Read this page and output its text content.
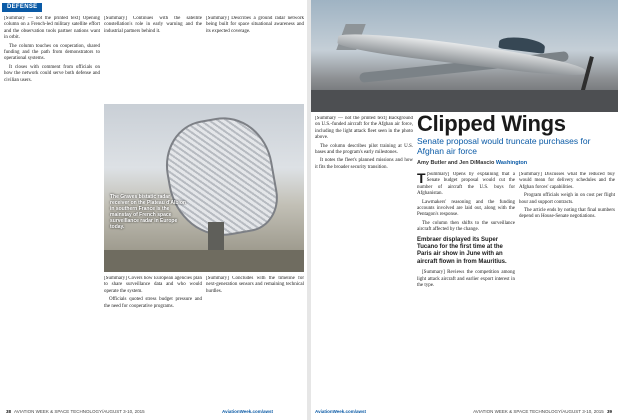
DEFENSE

[Summary — not the printed text] Opening column on a French-led military satellite effort and the observation tools partner nations want in orbit.

The column touches on cooperation, shared funding and the path from demonstrators to operational systems.

It closes with comment from officials on how the network could serve both defense and civilian users.

[Summary] Continues with the satellite constellation's role in early warning and the industrial partners behind it.

[Summary] Describes a ground radar network being built for space situational awareness and its expected coverage.

The Graves bistatic radar receiver on the Plateau d'Albion in southern France is the mainstay of French space surveillance radar in Europe today.

[Summary] Covers how European agencies plan to share surveillance data and who would operate the system.

Officials quoted stress budget pressure and the need for cooperative programs.

[Summary] Concludes with the timeline for next-generation sensors and remaining technical hurdles.

38 AVIATION WEEK & SPACE TECHNOLOGY/AUGUST 3-10, 2015	AviationWeek.com/awst

[Summary — not the printed text] Background on U.S.-funded aircraft for the Afghan air force, including the light attack fleet seen in the photo above.

The column describes pilot training at U.S. bases and the program's early milestones.

It notes the fleet's planned missions and how it fits the broader security transition.

Clipped Wings
Senate proposal would truncate purchases for Afghan air force
Amy Butler and Jen DiMascio Washington

T [Summary] Opens by explaining that a Senate budget proposal would cut the number of aircraft the U.S. buys for Afghanistan.

Lawmakers' reasoning and the funding accounts involved are laid out, along with the Pentagon's response.

The column then shifts to the surveillance aircraft affected by the change.

Embraer displayed its Super Tucano for the first time at the Paris air show in June with an aircraft flown in from Mauritius.

[Summary] Reviews the competition among light attack aircraft and earlier export interest in the type.

[Summary] Discusses what the reduced buy would mean for delivery schedules and the Afghan forces' capabilities.

Program officials weigh in on cost per flight hour and support contracts.

The article ends by noting that final numbers depend on House-Senate negotiations.

AviationWeek.com/awst	AVIATION WEEK & SPACE TECHNOLOGY/AUGUST 3-10, 2015 39
